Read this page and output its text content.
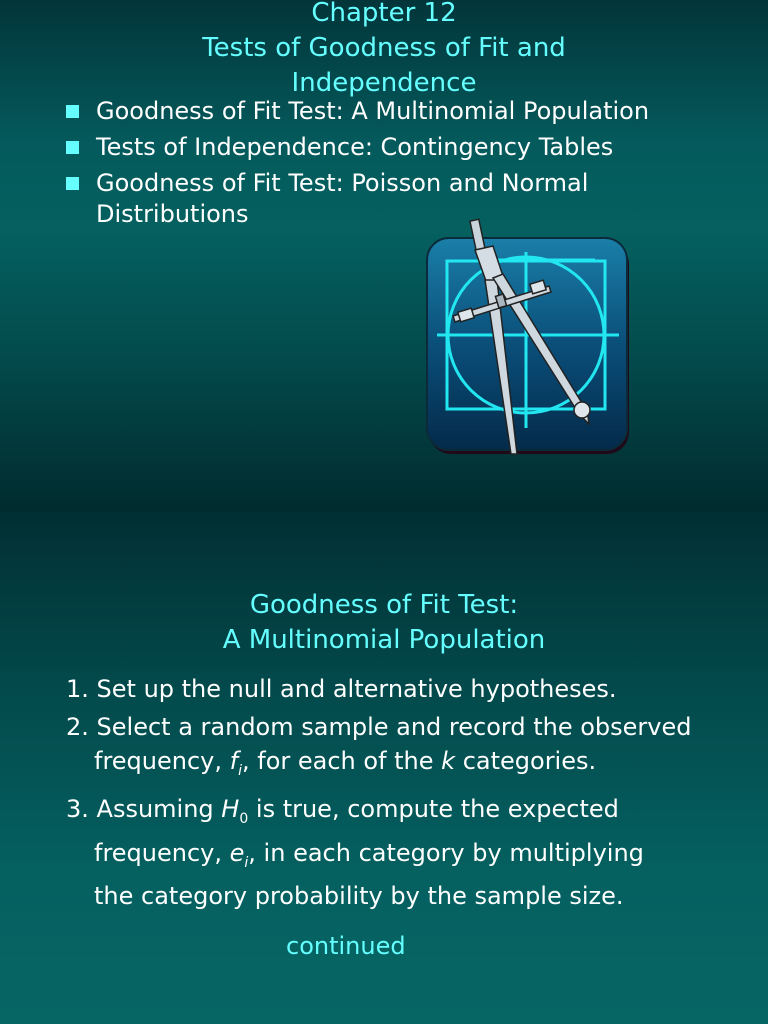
Chapter 12
Tests of Goodness of Fit and
Independence
Goodness of Fit Test: A Multinomial Population
Tests of Independence: Contingency Tables
Goodness of Fit Test: Poisson and Normal Distributions
Goodness of Fit Test:
A Multinomial Population
1. Set up the null and alternative hypotheses.
2. Select a random sample and record the observed
frequency, $f_i$, for each of the k categories.
3. Assuming $H_0$ is true, compute the expected
frequency, $e_i$, in each category by multiplying
the category probability by the sample size.
continued
